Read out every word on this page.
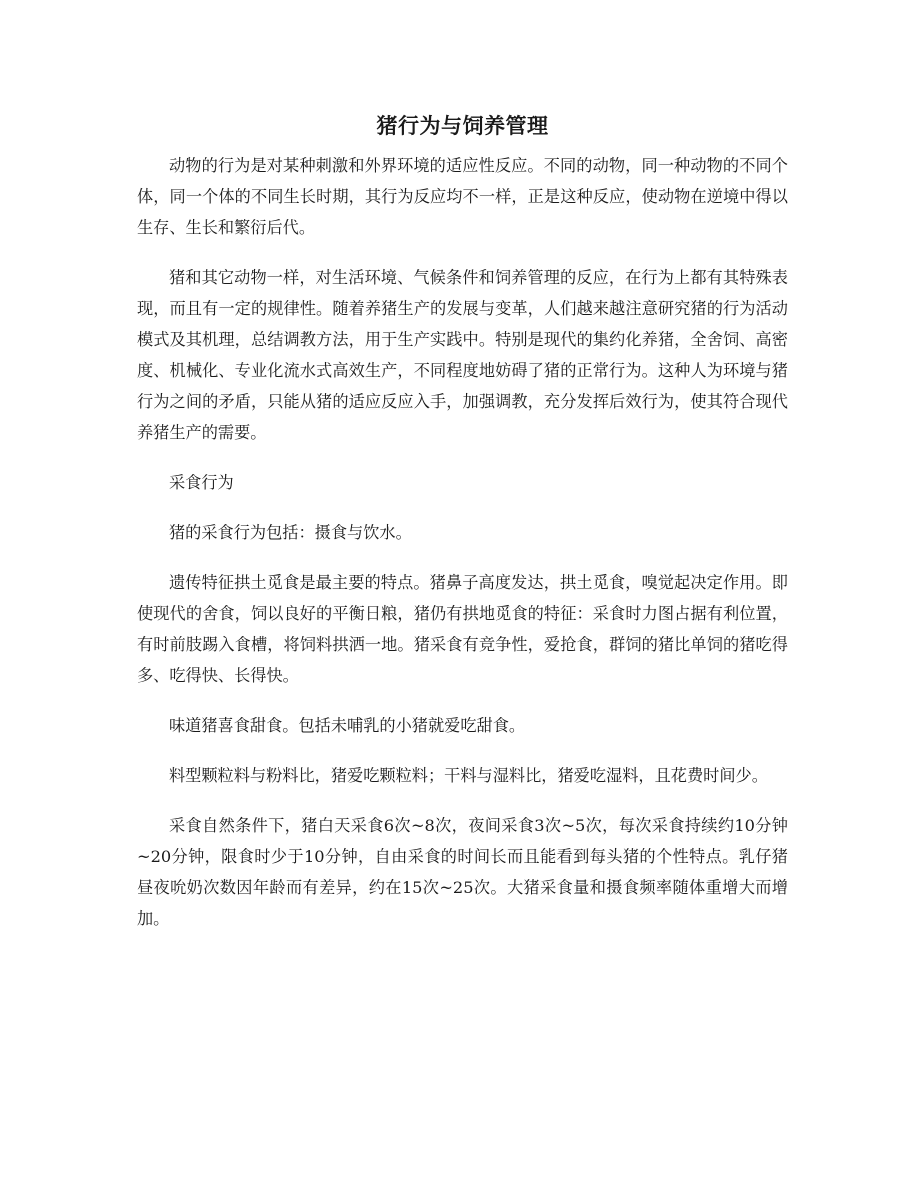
猪行为与饲养管理

动物的行为是对某种刺激和外界环境的适应性反应。不同的动物，同一种动物的不同个体，同一个体的不同生长时期，其行为反应均不一样，正是这种反应，使动物在逆境中得以生存、生长和繁衍后代。

猪和其它动物一样，对生活环境、气候条件和饲养管理的反应，在行为上都有其特殊表现，而且有一定的规律性。随着养猪生产的发展与变革，人们越来越注意研究猪的行为活动模式及其机理，总结调教方法，用于生产实践中。特别是现代的集约化养猪，全舍饲、高密度、机械化、专业化流水式高效生产，不同程度地妨碍了猪的正常行为。这种人为环境与猪行为之间的矛盾，只能从猪的适应反应入手，加强调教，充分发挥后效行为，使其符合现代养猪生产的需要。

采食行为

猪的采食行为包括：摄食与饮水。

遗传特征拱土觅食是最主要的特点。猪鼻子高度发达，拱土觅食，嗅觉起决定作用。即使现代的舍食，饲以良好的平衡日粮，猪仍有拱地觅食的特征：采食时力图占据有利位置，有时前肢踢入食槽，将饲料拱洒一地。猪采食有竞争性，爱抢食，群饲的猪比单饲的猪吃得多、吃得快、长得快。

味道猪喜食甜食。包括未哺乳的小猪就爱吃甜食。

料型颗粒料与粉料比，猪爱吃颗粒料；干料与湿料比，猪爱吃湿料，且花费时间少。

采食自然条件下，猪白天采食6次~8次，夜间采食3次~5次，每次采食持续约10分钟~20分钟，限食时少于10分钟，自由采食的时间长而且能看到每头猪的个性特点。乳仔猪昼夜吮奶次数因年龄而有差异，约在15次~25次。大猪采食量和摄食频率随体重增大而增加。
